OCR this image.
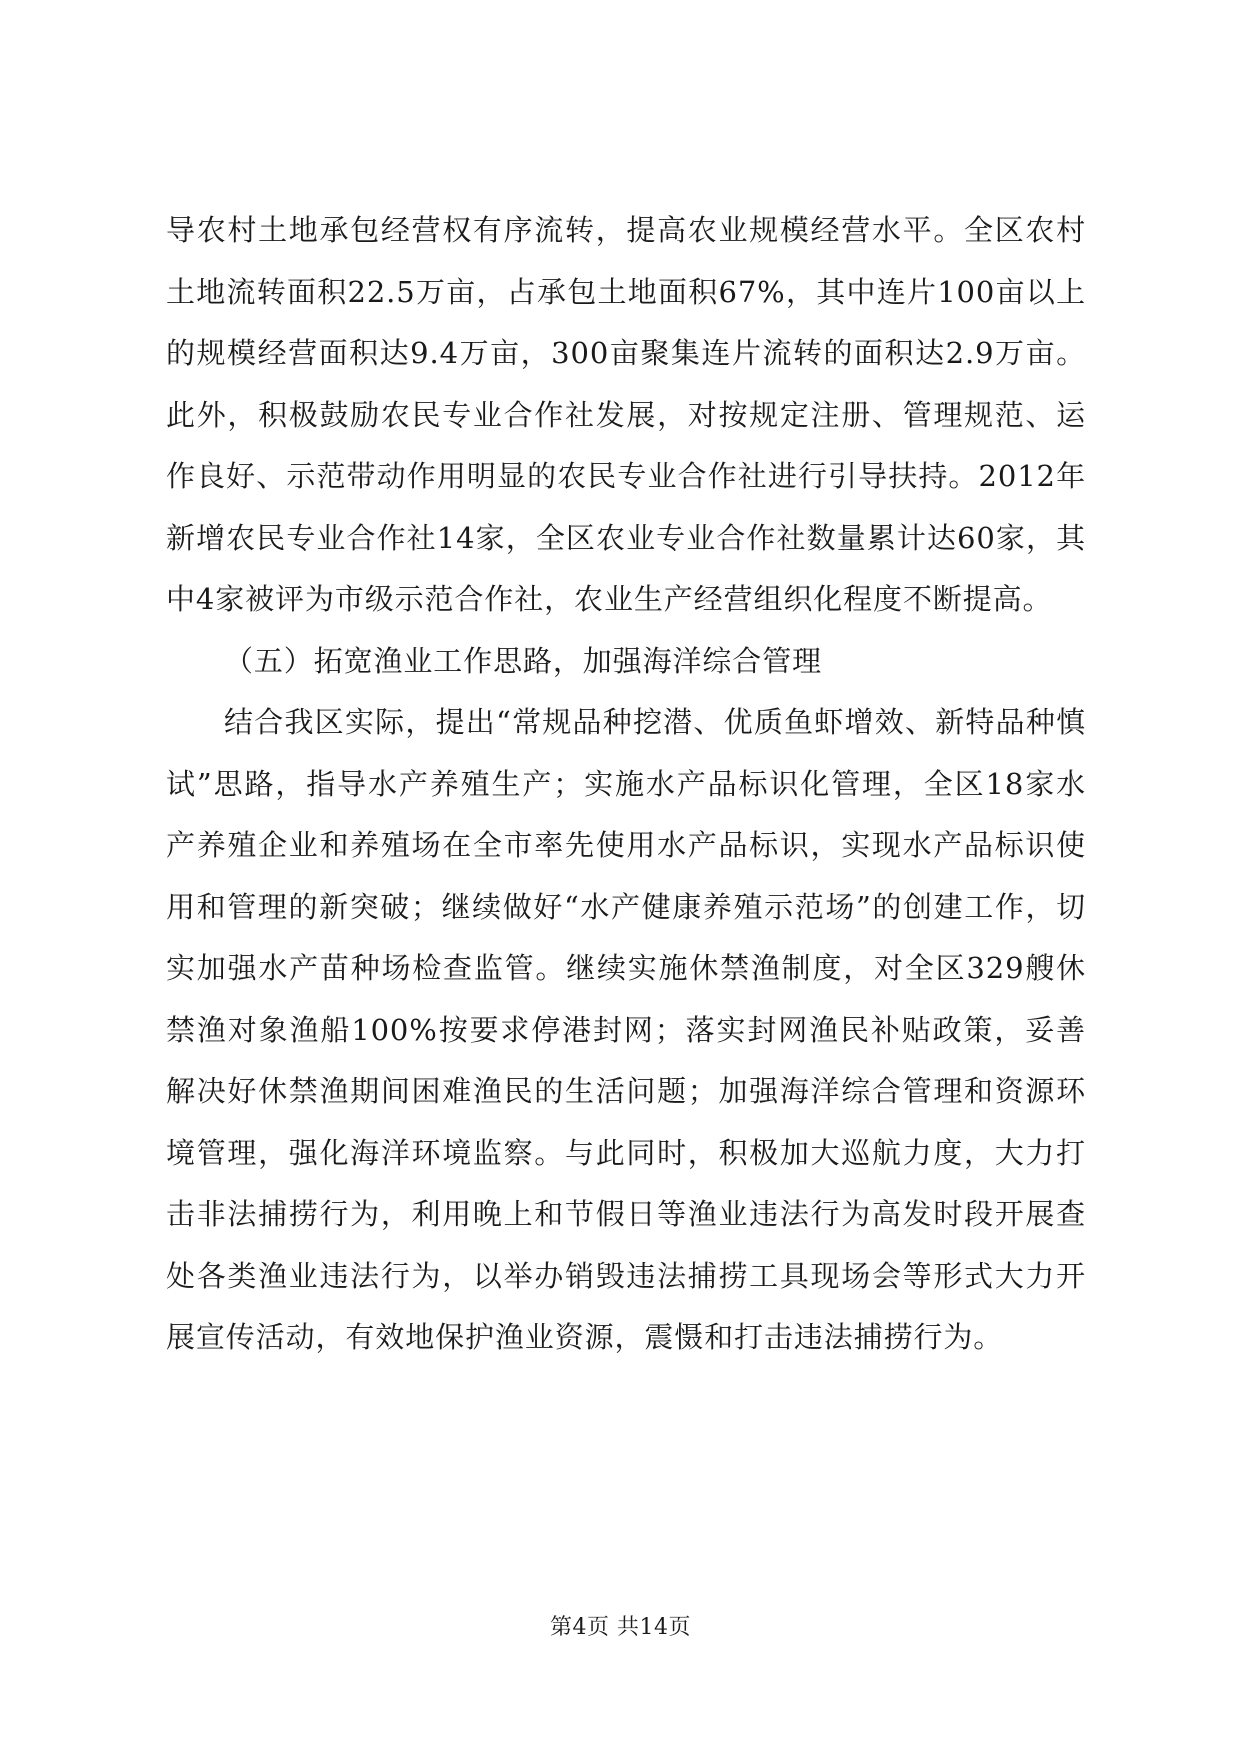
导农村土地承包经营权有序流转，提高农业规模经营水平。全区农村土地流转面积22.5万亩，占承包土地面积67%，其中连片100亩以上的规模经营面积达9.4万亩，300亩聚集连片流转的面积达2.9万亩。此外，积极鼓励农民专业合作社发展，对按规定注册、管理规范、运作良好、示范带动作用明显的农民专业合作社进行引导扶持。2012年新增农民专业合作社14家，全区农业专业合作社数量累计达60家，其中4家被评为市级示范合作社，农业生产经营组织化程度不断提高。

（五）拓宽渔业工作思路，加强海洋综合管理

结合我区实际，提出“常规品种挖潜、优质鱼虾增效、新特品种慎试”思路，指导水产养殖生产；实施水产品标识化管理，全区18家水产养殖企业和养殖场在全市率先使用水产品标识，实现水产品标识使用和管理的新突破；继续做好“水产健康养殖示范场”的创建工作，切实加强水产苗种场检查监管。继续实施休禁渔制度，对全区329艘休禁渔对象渔船100%按要求停港封网；落实封网渔民补贴政策，妥善解决好休禁渔期间困难渔民的生活问题；加强海洋综合管理和资源环境管理，强化海洋环境监察。与此同时，积极加大巡航力度，大力打击非法捕捞行为，利用晚上和节假日等渔业违法行为高发时段开展查处各类渔业违法行为，以举办销毁违法捕捞工具现场会等形式大力开展宣传活动，有效地保护渔业资源，震慑和打击违法捕捞行为。

第4页 共14页
